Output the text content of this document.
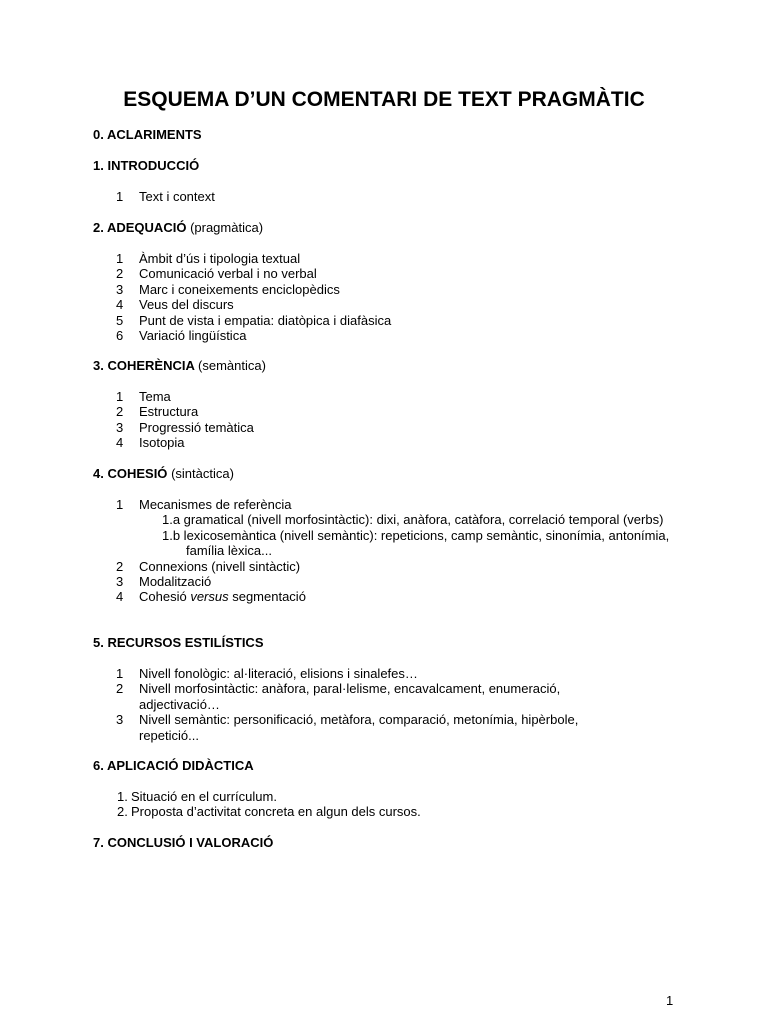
ESQUEMA D’UN COMENTARI DE TEXT PRAGMÀTIC
0. ACLARIMENTS
1. INTRODUCCIÓ
1 Text i context
2. ADEQUACIÓ (pragmàtica)
1 Àmbit d’ús i tipologia textual
2 Comunicació verbal i no verbal
3 Marc i coneixements enciclopèdics
4 Veus del discurs
5 Punt de vista i empatia: diatòpica i diafàsica
6 Variació lingüística
3. COHERÈNCIA (semàntica)
1 Tema
2 Estructura
3 Progressió temàtica
4 Isotopia
4. COHESIÓ (sintàctica)
1 Mecanismes de referència
1.a gramatical (nivell morfosintàctic): dixi, anàfora, catàfora, correlació temporal (verbs)
1.b lexicosemàntica (nivell semàntic): repeticions, camp semàntic, sinonímia, antonímia, família lèxica...
2 Connexions (nivell sintàctic)
3 Modalització
4 Cohesió versus segmentació
5. RECURSOS ESTILÍSTICS
1 Nivell fonològic: al·literació, elisions i sinalefes…
2 Nivell morfosintàctic: anàfora, paral·lelisme, encavalcament, enumeració, adjectivació…
3 Nivell semàntic: personificació, metàfora, comparació, metonímia, hipèrbole, repetició...
6. APLICACIÓ DIDÀCTICA
1. Situació en el currículum.
2. Proposta d’activitat concreta en algun dels cursos.
7. CONCLUSIÓ I VALORACIÓ
1
